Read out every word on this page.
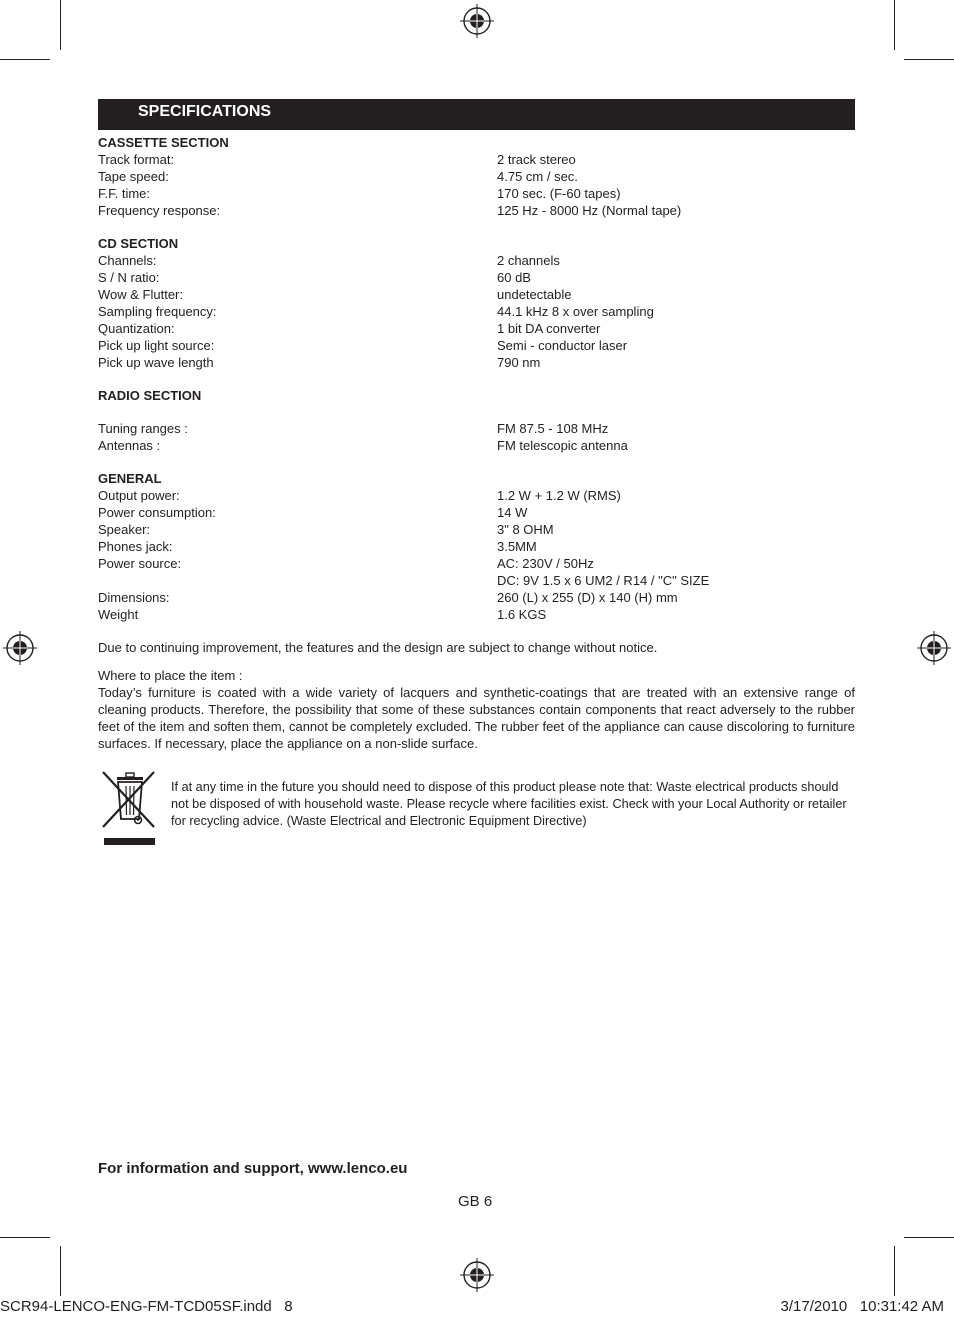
SPECIFICATIONS
CASSETTE SECTION
Track format:	2 track stereo
Tape speed:	4.75 cm / sec.
F.F. time:	170 sec. (F-60 tapes)
Frequency response:	125 Hz - 8000 Hz (Normal tape)
CD SECTION
Channels:	2 channels
S / N ratio:	60 dB
Wow & Flutter:	undetectable
Sampling frequency:	44.1 kHz 8 x over sampling
Quantization:	1 bit DA converter
Pick up light source:	Semi - conductor laser
Pick up wave length	790 nm
RADIO SECTION
Tuning ranges :	FM 87.5 - 108 MHz
Antennas :	FM telescopic antenna
GENERAL
Output power:	1.2 W + 1.2 W (RMS)
Power consumption:	14 W
Speaker:	3" 8 OHM
Phones jack:	3.5MM
Power source:	AC: 230V / 50Hz
DC: 9V 1.5 x 6 UM2 / R14 / "C" SIZE
Dimensions:	260 (L) x 255 (D) x 140 (H) mm
Weight	1.6 KGS
Due to continuing improvement, the features and the design are subject to change without notice.
Where to place the item :
Today’s furniture is coated with a wide variety of lacquers and synthetic-coatings that are treated with an extensive range of cleaning products. Therefore, the possibility that some of these substances contain components that react adversely to the rubber feet of the item and soften them, cannot be completely excluded. The rubber feet of the appliance can cause discoloring to furniture surfaces. If necessary, place the appliance on a non-slide surface.
If at any time in the future you should need to dispose of this product please note that: Waste electrical products should not be disposed of with household waste. Please recycle where facilities exist. Check with your Local Authority or retailer for recycling advice. (Waste Electrical and Electronic Equipment Directive)
For information and support, www.lenco.eu
GB 6
SCR94-LENCO-ENG-FM-TCD05SF.indd   8	3/17/2010   10:31:42 AM
